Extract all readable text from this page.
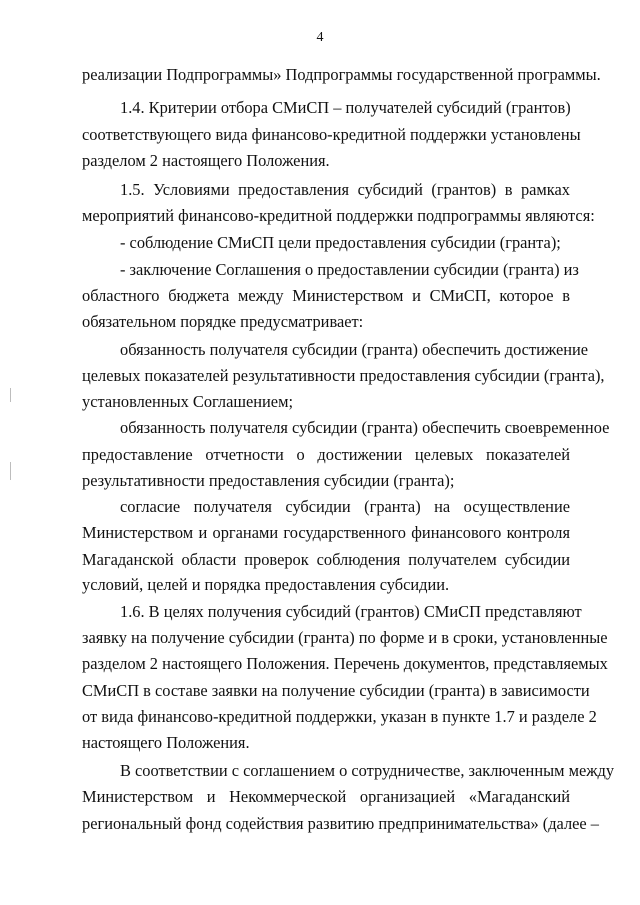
4
реализации Подпрограммы» Подпрограммы государственной программы.
1.4. Критерии отбора СМиСП – получателей субсидий (грантов)
соответствующего вида финансово-кредитной поддержки установлены
разделом 2 настоящего Положения.
1.5. Условиями предоставления субсидий (грантов) в рамках
мероприятий финансово-кредитной поддержки подпрограммы являются:
- соблюдение СМиСП цели предоставления субсидии (гранта);
- заключение Соглашения о предоставлении субсидии (гранта) из
областного бюджета между Министерством и СМиСП, которое в
обязательном порядке предусматривает:
обязанность получателя субсидии (гранта) обеспечить достижение
целевых показателей результативности предоставления субсидии (гранта),
установленных Соглашением;
обязанность получателя субсидии (гранта) обеспечить своевременное
предоставление отчетности о достижении целевых показателей
результативности предоставления субсидии (гранта);
согласие получателя субсидии (гранта) на осуществление
Министерством и органами государственного финансового контроля
Магаданской области проверок соблюдения получателем субсидии
условий, целей и порядка предоставления субсидии.
1.6. В целях получения субсидий (грантов) СМиСП представляют
заявку на получение субсидии (гранта) по форме и в сроки, установленные
разделом 2 настоящего Положения. Перечень документов, представляемых
СМиСП в составе заявки на получение субсидии (гранта) в зависимости
от вида финансово-кредитной поддержки, указан в пункте 1.7 и разделе 2
настоящего Положения.
В соответствии с соглашением о сотрудничестве, заключенным между
Министерством и Некоммерческой организацией «Магаданский
региональный фонд содействия развитию предпринимательства» (далее –
